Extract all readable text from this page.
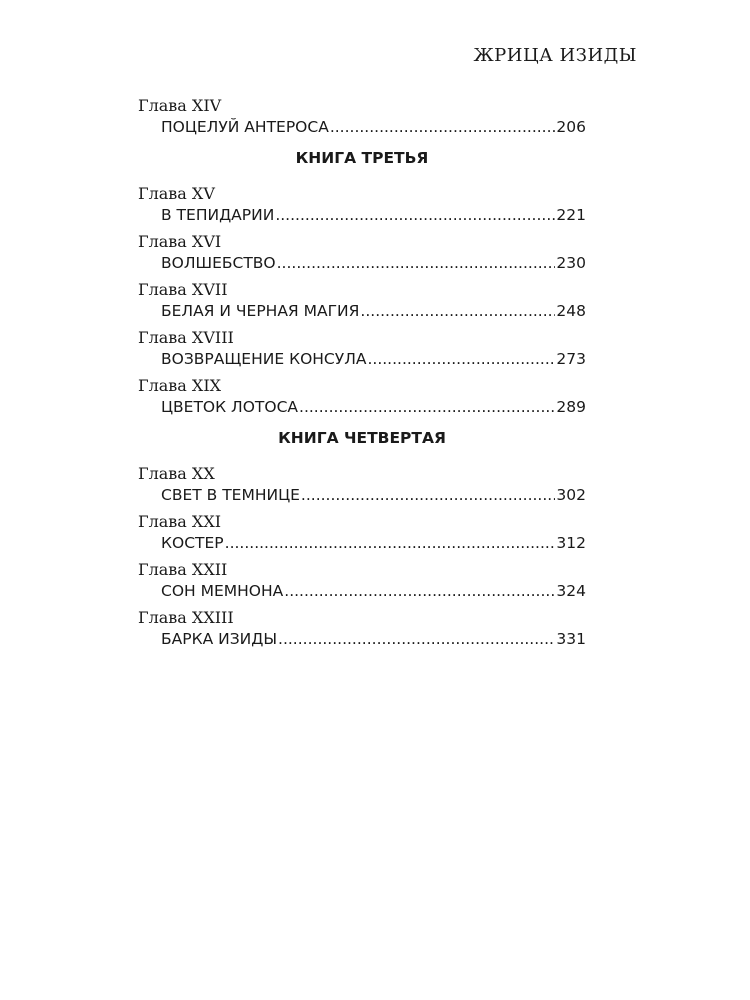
ЖРИЦА ИЗИДЫ
Глава XIV
ПОЦЕЛУЙ АНТЕРОСА .....	206
КНИГА ТРЕТЬЯ
Глава XV
В ТЕПИДАРИИ .....	221
Глава XVI
ВОЛШЕБСТВО .....	230
Глава XVII
БЕЛАЯ И ЧЕРНАЯ МАГИЯ .....	248
Глава XVIII
ВОЗВРАЩЕНИЕ КОНСУЛА .....	273
Глава XIX
ЦВЕТОК ЛОТОСА .....	289
КНИГА ЧЕТВЕРТАЯ
Глава XX
СВЕТ В ТЕМНИЦЕ .....	302
Глава XXI
КОСТЕР .....	312
Глава XXII
СОН МЕМНОНА .....	324
Глава XXIII
БАРКА ИЗИДЫ .....	331
